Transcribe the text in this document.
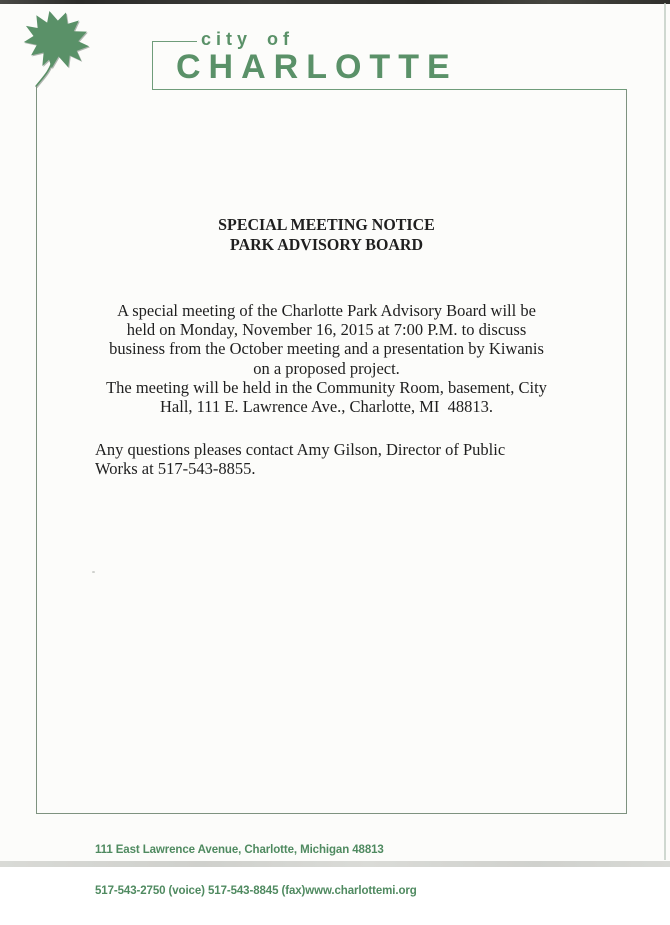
city of
CHARLOTTE
SPECIAL MEETING NOTICE
PARK ADVISORY BOARD
A special meeting of the Charlotte Park Advisory Board will be
held on Monday, November 16, 2015 at 7:00 P.M. to discuss
business from the October meeting and a presentation by Kiwanis
on a proposed project.
The meeting will be held in the Community Room, basement, City
Hall, 111 E. Lawrence Ave., Charlotte, MI  48813.
Any questions pleases contact Amy Gilson, Director of Public
Works at 517-543-8855.

111 East Lawrence Avenue, Charlotte, Michigan 48813

517-543-2750 (voice) 517-543-8845 (fax)www.charlottemi.org
